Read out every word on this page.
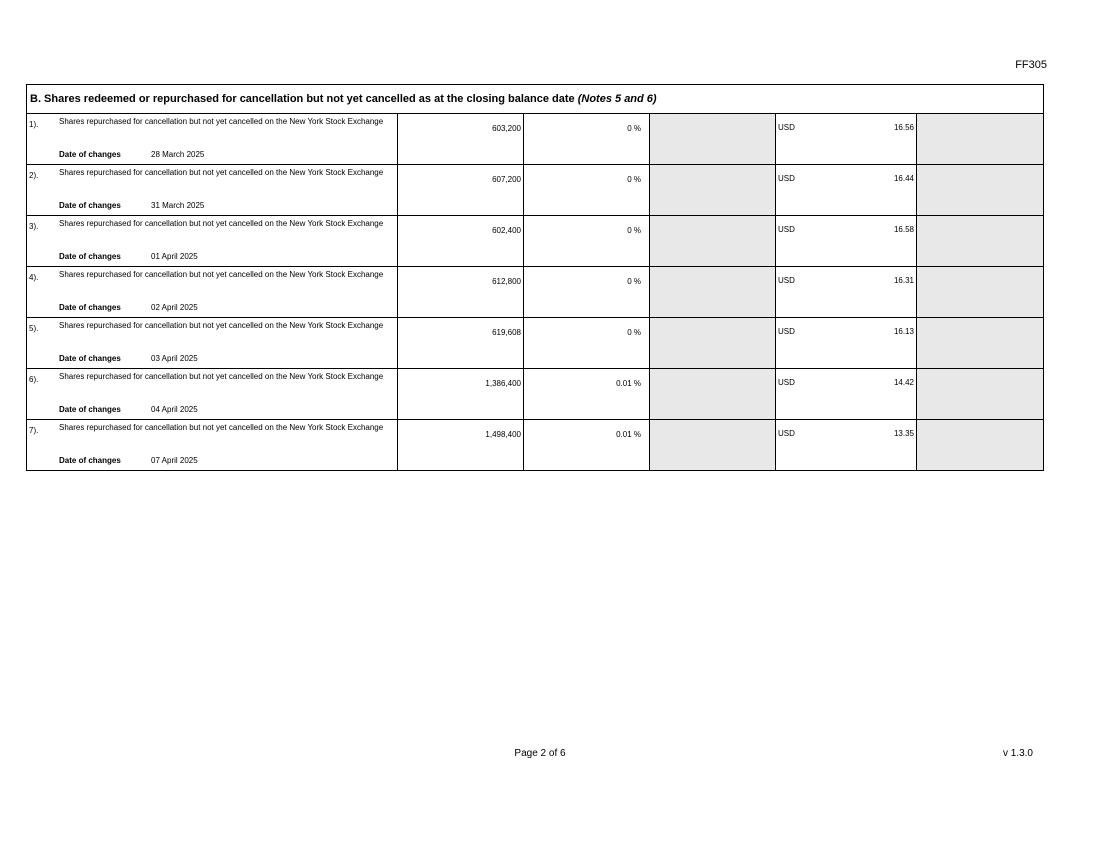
FF305
B. Shares redeemed or repurchased for cancellation but not yet cancelled as at the closing balance date (Notes 5 and 6)
1).	Shares repurchased for cancellation but not yet cancelled on the New York Stock Exchange
Date of changes	28 March 2025
603,200	0 %	USD	16.56
2).	Shares repurchased for cancellation but not yet cancelled on the New York Stock Exchange
Date of changes	31 March 2025
607,200	0 %	USD	16.44
3).	Shares repurchased for cancellation but not yet cancelled on the New York Stock Exchange
Date of changes	01 April 2025
602,400	0 %	USD	16.58
4).	Shares repurchased for cancellation but not yet cancelled on the New York Stock Exchange
Date of changes	02 April 2025
612,800	0 %	USD	16.31
5).	Shares repurchased for cancellation but not yet cancelled on the New York Stock Exchange
Date of changes	03 April 2025
619,608	0 %	USD	16.13
6).	Shares repurchased for cancellation but not yet cancelled on the New York Stock Exchange
Date of changes	04 April 2025
1,386,400	0.01 %	USD	14.42
7).	Shares repurchased for cancellation but not yet cancelled on the New York Stock Exchange
Date of changes	07 April 2025
1,498,400	0.01 %	USD	13.35
Page 2 of 6	v 1.3.0
